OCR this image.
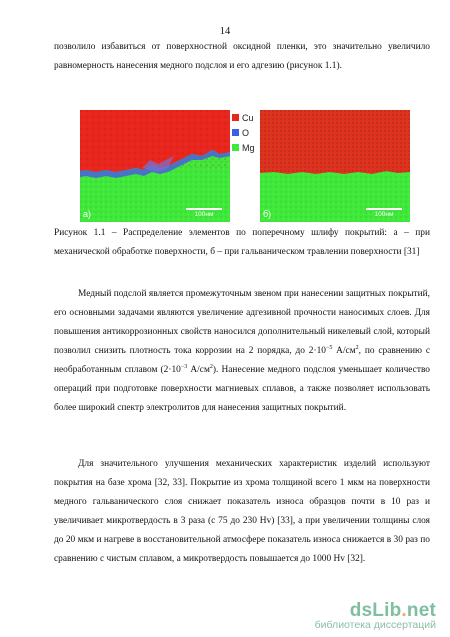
14

позволило избавиться от поверхностной оксидной пленки, это значительно увеличило равномерность нанесения медного подслоя и его адгезию (рисунок 1.1).

а)	100нм
Cu
O
Mg
б)	100нм

Рисунок 1.1 – Распределение элементов по поперечному шлифу покрытий: а – при механической обработке поверхности, б – при гальваническом травлении поверхности [31]

Медный подслой является промежуточным звеном при нанесении защитных покрытий, его основными задачами являются увеличение адгезивной прочности наносимых слоев. Для повышения антикоррозионных свойств наносился дополнительный никелевый слой, который позволил снизить плотность тока коррозии на 2 порядка, до $2\cdot 10^{-5}$ $А/см^2$, по сравнению с необработанным сплавом ($2\cdot 10^{-3}$ $А/см^2$). Нанесение медного подслоя уменьшает количество операций при подготовке поверхности магниевых сплавов, а также позволяет использовать более широкий спектр электролитов для нанесения защитных покрытий.

Для значительного улучшения механических характеристик изделий используют покрытия на базе хрома [32, 33]. Покрытие из хрома толщиной всего 1 мкм на поверхности медного гальванического слоя снижает показатель износа образцов почти в 10 раз и увеличивает микротвердость в 3 раза (с 75 до 230 Hv) [33], а при увеличении толщины слоя до 20 мкм и нагреве в восстановительной атмосфере показатель износа снижается в 30 раз по сравнению с чистым сплавом, а микротвердость повышается до 1000 Hv [32].

dsLib.net
библиотека диссертаций
